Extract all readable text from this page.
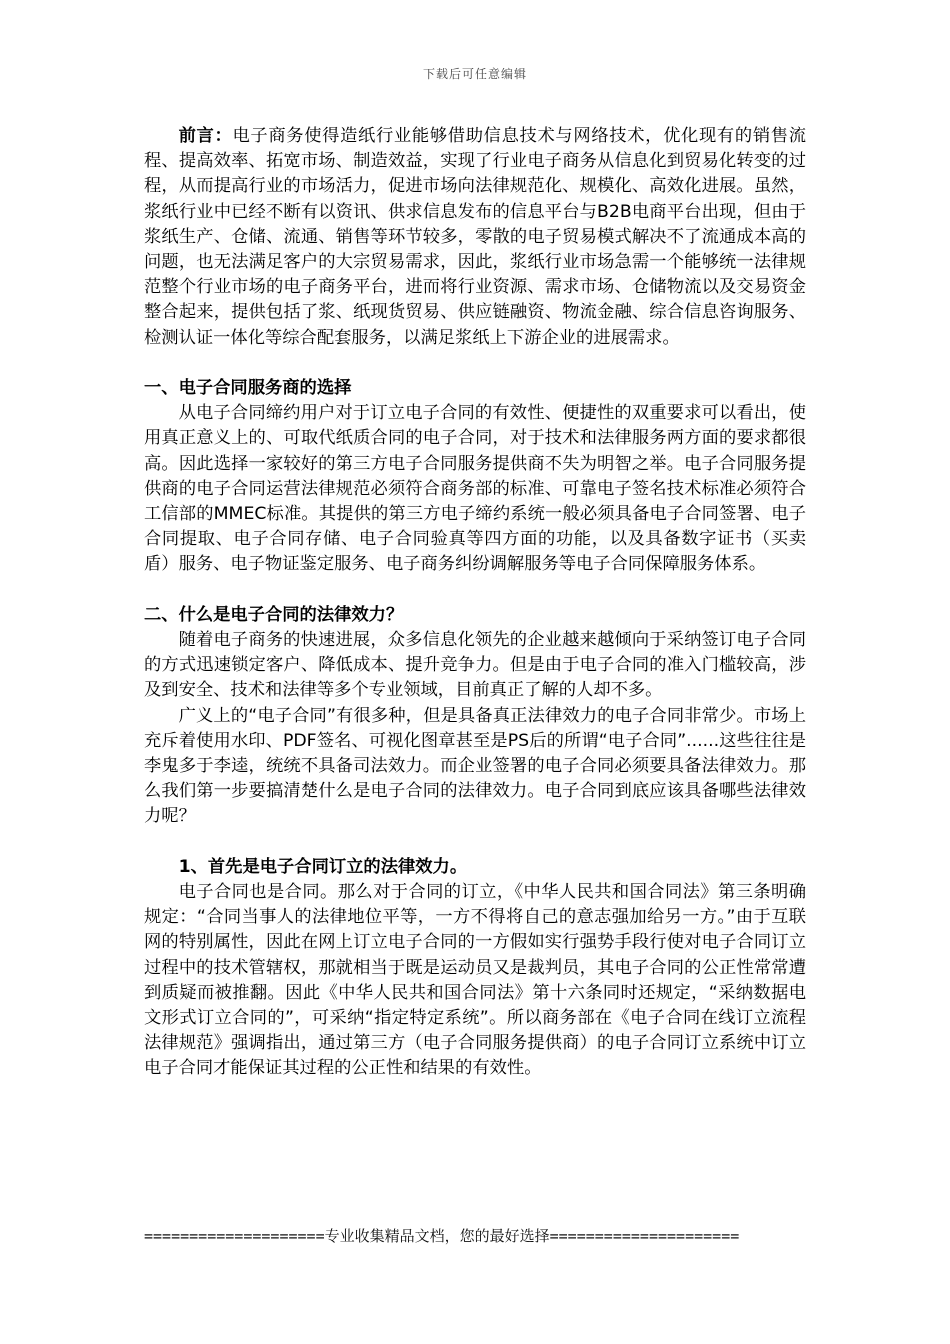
下载后可任意编辑

前言：电子商务使得造纸行业能够借助信息技术与网络技术，优化现有的销售流程、提高效率、拓宽市场、制造效益，实现了行业电子商务从信息化到贸易化转变的过程，从而提高行业的市场活力，促进市场向法律规范化、规模化、高效化进展。虽然，浆纸行业中已经不断有以资讯、供求信息发布的信息平台与B2B电商平台出现，但由于浆纸生产、仓储、流通、销售等环节较多，零散的电子贸易模式解决不了流通成本高的问题，也无法满足客户的大宗贸易需求，因此，浆纸行业市场急需一个能够统一法律规范整个行业市场的电子商务平台，进而将行业资源、需求市场、仓储物流以及交易资金整合起来，提供包括了浆、纸现货贸易、供应链融资、物流金融、综合信息咨询服务、检测认证一体化等综合配套服务，以满足浆纸上下游企业的进展需求。

一、电子合同服务商的选择

从电子合同缔约用户对于订立电子合同的有效性、便捷性的双重要求可以看出，使用真正意义上的、可取代纸质合同的电子合同，对于技术和法律服务两方面的要求都很高。因此选择一家较好的第三方电子合同服务提供商不失为明智之举。电子合同服务提供商的电子合同运营法律规范必须符合商务部的标准、可靠电子签名技术标准必须符合工信部的MMEC标准。其提供的第三方电子缔约系统一般必须具备电子合同签署、电子合同提取、电子合同存储、电子合同验真等四方面的功能，以及具备数字证书（买卖盾）服务、电子物证鉴定服务、电子商务纠纷调解服务等电子合同保障服务体系。

二、什么是电子合同的法律效力？

随着电子商务的快速进展，众多信息化领先的企业越来越倾向于采纳签订电子合同的方式迅速锁定客户、降低成本、提升竞争力。但是由于电子合同的准入门槛较高，涉及到安全、技术和法律等多个专业领域，目前真正了解的人却不多。

广义上的“电子合同”有很多种，但是具备真正法律效力的电子合同非常少。市场上充斥着使用水印、PDF签名、可视化图章甚至是PS后的所谓“电子合同”......这些往往是李鬼多于李逵，统统不具备司法效力。而企业签署的电子合同必须要具备法律效力。那么我们第一步要搞清楚什么是电子合同的法律效力。电子合同到底应该具备哪些法律效力呢？

1、首先是电子合同订立的法律效力。

电子合同也是合同。那么对于合同的订立，《中华人民共和国合同法》第三条明确规定：“合同当事人的法律地位平等，一方不得将自己的意志强加给另一方。”由于互联网的特别属性，因此在网上订立电子合同的一方假如实行强势手段行使对电子合同订立过程中的技术管辖权，那就相当于既是运动员又是裁判员，其电子合同的公正性常常遭到质疑而被推翻。因此《中华人民共和国合同法》第十六条同时还规定，“采纳数据电文形式订立合同的”，可采纳“指定特定系统”。所以商务部在《电子合同在线订立流程法律规范》强调指出，通过第三方（电子合同服务提供商）的电子合同订立系统中订立电子合同才能保证其过程的公正性和结果的有效性。

====================专业收集精品文档，您的最好选择=====================
